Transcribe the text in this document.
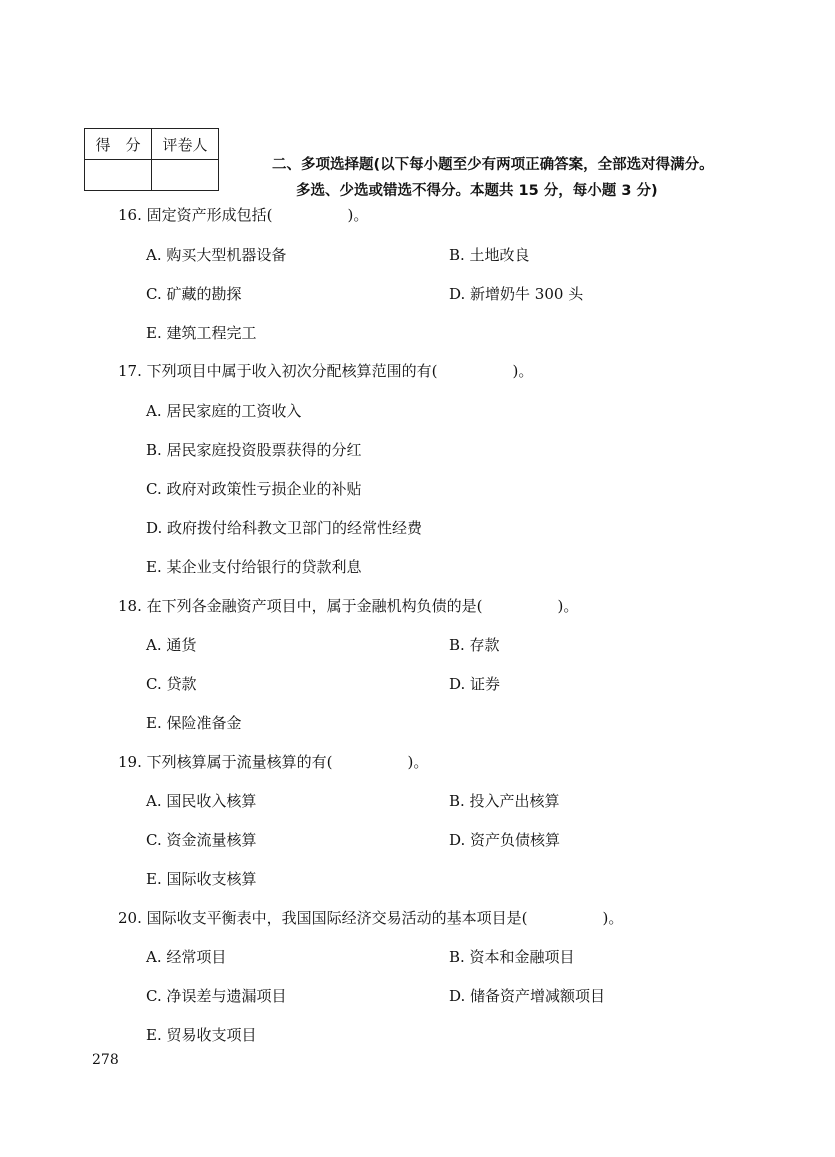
得　分	评卷人

二、多项选择题(以下每小题至少有两项正确答案，全部选对得满分。
多选、少选或错选不得分。本题共 15 分，每小题 3 分)
16. 固定资产形成包括(　　　　　)。
A. 购买大型机器设备	B. 土地改良
C. 矿藏的勘探	D. 新增奶牛 300 头
E. 建筑工程完工
17. 下列项目中属于收入初次分配核算范围的有(　　　　　)。
A. 居民家庭的工资收入
B. 居民家庭投资股票获得的分红
C. 政府对政策性亏损企业的补贴
D. 政府拨付给科教文卫部门的经常性经费
E. 某企业支付给银行的贷款利息
18. 在下列各金融资产项目中，属于金融机构负债的是(　　　　　)。
A. 通货	B. 存款
C. 贷款	D. 证券
E. 保险准备金
19. 下列核算属于流量核算的有(　　　　　)。
A. 国民收入核算	B. 投入产出核算
C. 资金流量核算	D. 资产负债核算
E. 国际收支核算
20. 国际收支平衡表中，我国国际经济交易活动的基本项目是(　　　　　)。
A. 经常项目	B. 资本和金融项目
C. 净误差与遗漏项目	D. 储备资产增减额项目
E. 贸易收支项目
278
